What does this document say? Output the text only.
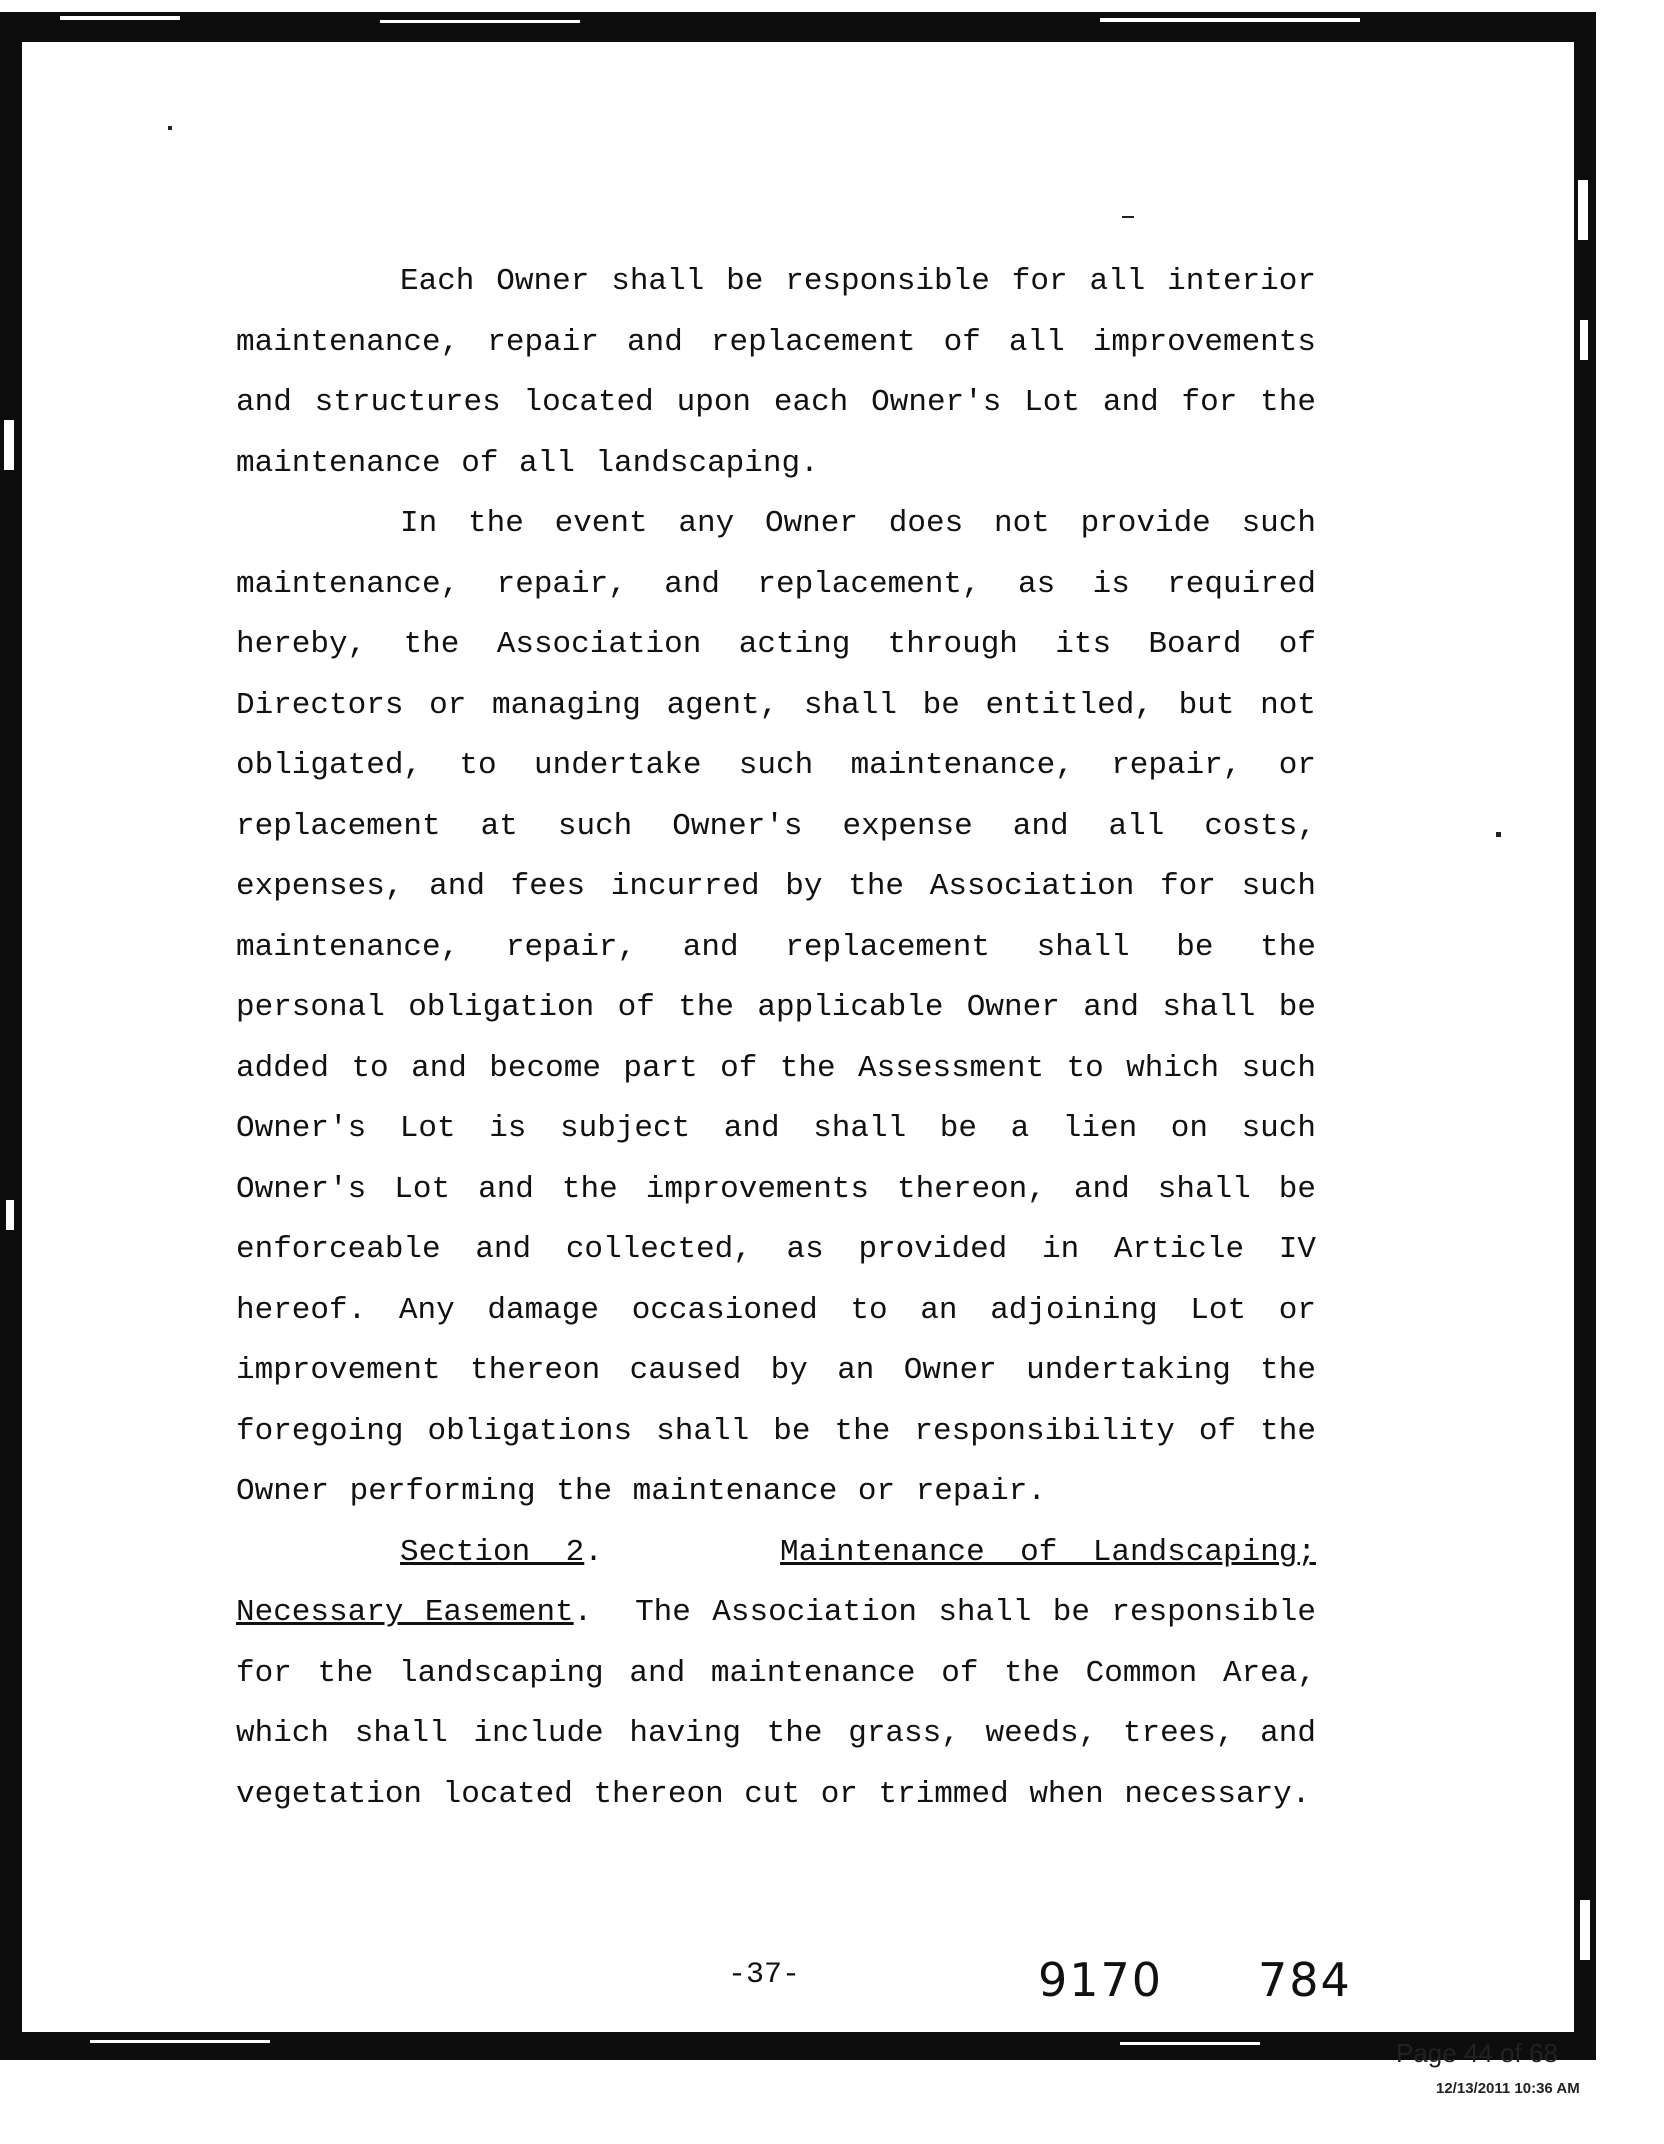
Each Owner shall be responsible for all interior maintenance, repair and replacement of all improvements and structures located upon each Owner's Lot and for the maintenance of all landscaping.

In the event any Owner does not provide such maintenance, repair, and replacement, as is required hereby, the Association acting through its Board of Directors or managing agent, shall be entitled, but not obligated, to undertake such maintenance, repair, or replacement at such Owner's expense and all costs, expenses, and fees incurred by the Association for such maintenance, repair, and replacement shall be the personal obligation of the applicable Owner and shall be added to and become part of the Assessment to which such Owner's Lot is subject and shall be a lien on such Owner's Lot and the improvements thereon, and shall be enforceable and collected, as provided in Article IV hereof. Any damage occasioned to an adjoining Lot or improvement thereon caused by an Owner undertaking the foregoing obligations shall be the responsibility of the Owner performing the maintenance or repair.

Section 2.     Maintenance of Landscaping; Necessary Easement.  The Association shall be responsible for the landscaping and maintenance of the Common Area, which shall include having the grass, weeds, trees, and vegetation located thereon cut or trimmed when necessary.

-37-	9170 784
Page 44 of 68
12/13/2011 10:36 AM
